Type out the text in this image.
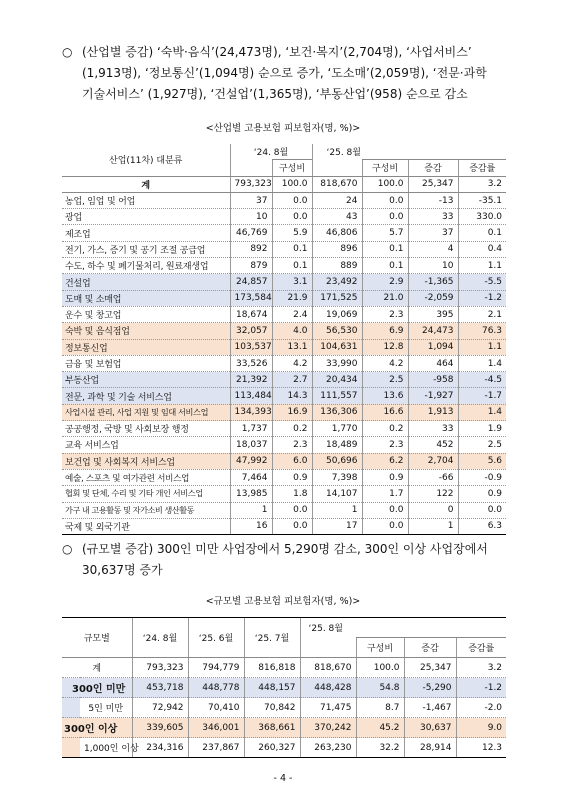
○ (산업별 증감) ‘숙박·음식’(24,473명), ‘보건·복지’(2,704명), ‘사업서비스’
(1,913명), ‘정보통신’(1,094명) 순으로 증가, ‘도소매’(2,059명), ‘전문·과학
기술서비스’ (1,927명), ‘건설업’(1,365명), ‘부동산업’(958) 순으로 감소
<산업별 고용보험 피보험자(명, %)>
산업(11차) 대분류	‘24. 8월		‘25. 8월			
		구성비		구성비	증감	증감률
계	793,323	100.0	818,670	100.0	25,347	3.2
농업, 임업 및 어업	37	0.0	24	0.0	-13	-35.1
광업	10	0.0	43	0.0	33	330.0
제조업	46,769	5.9	46,806	5.7	37	0.1
전기, 가스, 증기 및 공기 조절 공급업	892	0.1	896	0.1	4	0.4
수도, 하수 및 폐기물처리, 원료재생업	879	0.1	889	0.1	10	1.1
건설업	24,857	3.1	23,492	2.9	-1,365	-5.5
도매 및 소매업	173,584	21.9	171,525	21.0	-2,059	-1.2
운수 및 창고업	18,674	2.4	19,069	2.3	395	2.1
숙박 및 음식점업	32,057	4.0	56,530	6.9	24,473	76.3
정보통신업	103,537	13.1	104,631	12.8	1,094	1.1
금융 및 보험업	33,526	4.2	33,990	4.2	464	1.4
부동산업	21,392	2.7	20,434	2.5	-958	-4.5
전문, 과학 및 기술 서비스업	113,484	14.3	111,557	13.6	-1,927	-1.7
사업시설 관리, 사업 지원 및 임대 서비스업	134,393	16.9	136,306	16.6	1,913	1.4
공공행정, 국방 및 사회보장 행정	1,737	0.2	1,770	0.2	33	1.9
교육 서비스업	18,037	2.3	18,489	2.3	452	2.5
보건업 및 사회복지 서비스업	47,992	6.0	50,696	6.2	2,704	5.6
예술, 스포츠 및 여가관련 서비스업	7,464	0.9	7,398	0.9	-66	-0.9
협회 및 단체, 수리 및 기타 개인 서비스업	13,985	1.8	14,107	1.7	122	0.9
가구 내 고용활동 및 자가소비 생산활동	1	0.0	1	0.0	0	0.0
국제 및 외국기관	16	0.0	17	0.0	1	6.3
○ (규모별 증감) 300인 미만 사업장에서 5,290명 감소, 300인 이상 사업장에서
30,637명 증가
<규모별 고용보험 피보험자(명, %)>
규모별		‘24. 8월	‘25. 6월	‘25. 7월	‘25. 8월			
						구성비	증감	증감률
계		793,323	794,779	816,818	818,670	100.0	25,347	3.2
300인 미만		453,718	448,778	448,157	448,428	54.8	-5,290	-1.2
	5인 미만	72,942	70,410	70,842	71,475	8.7	-1,467	-2.0
300인 이상		339,605	346,001	368,661	370,242	45.2	30,637	9.0
	1,000인 이상	234,316	237,867	260,327	263,230	32.2	28,914	12.3
- 4 -
